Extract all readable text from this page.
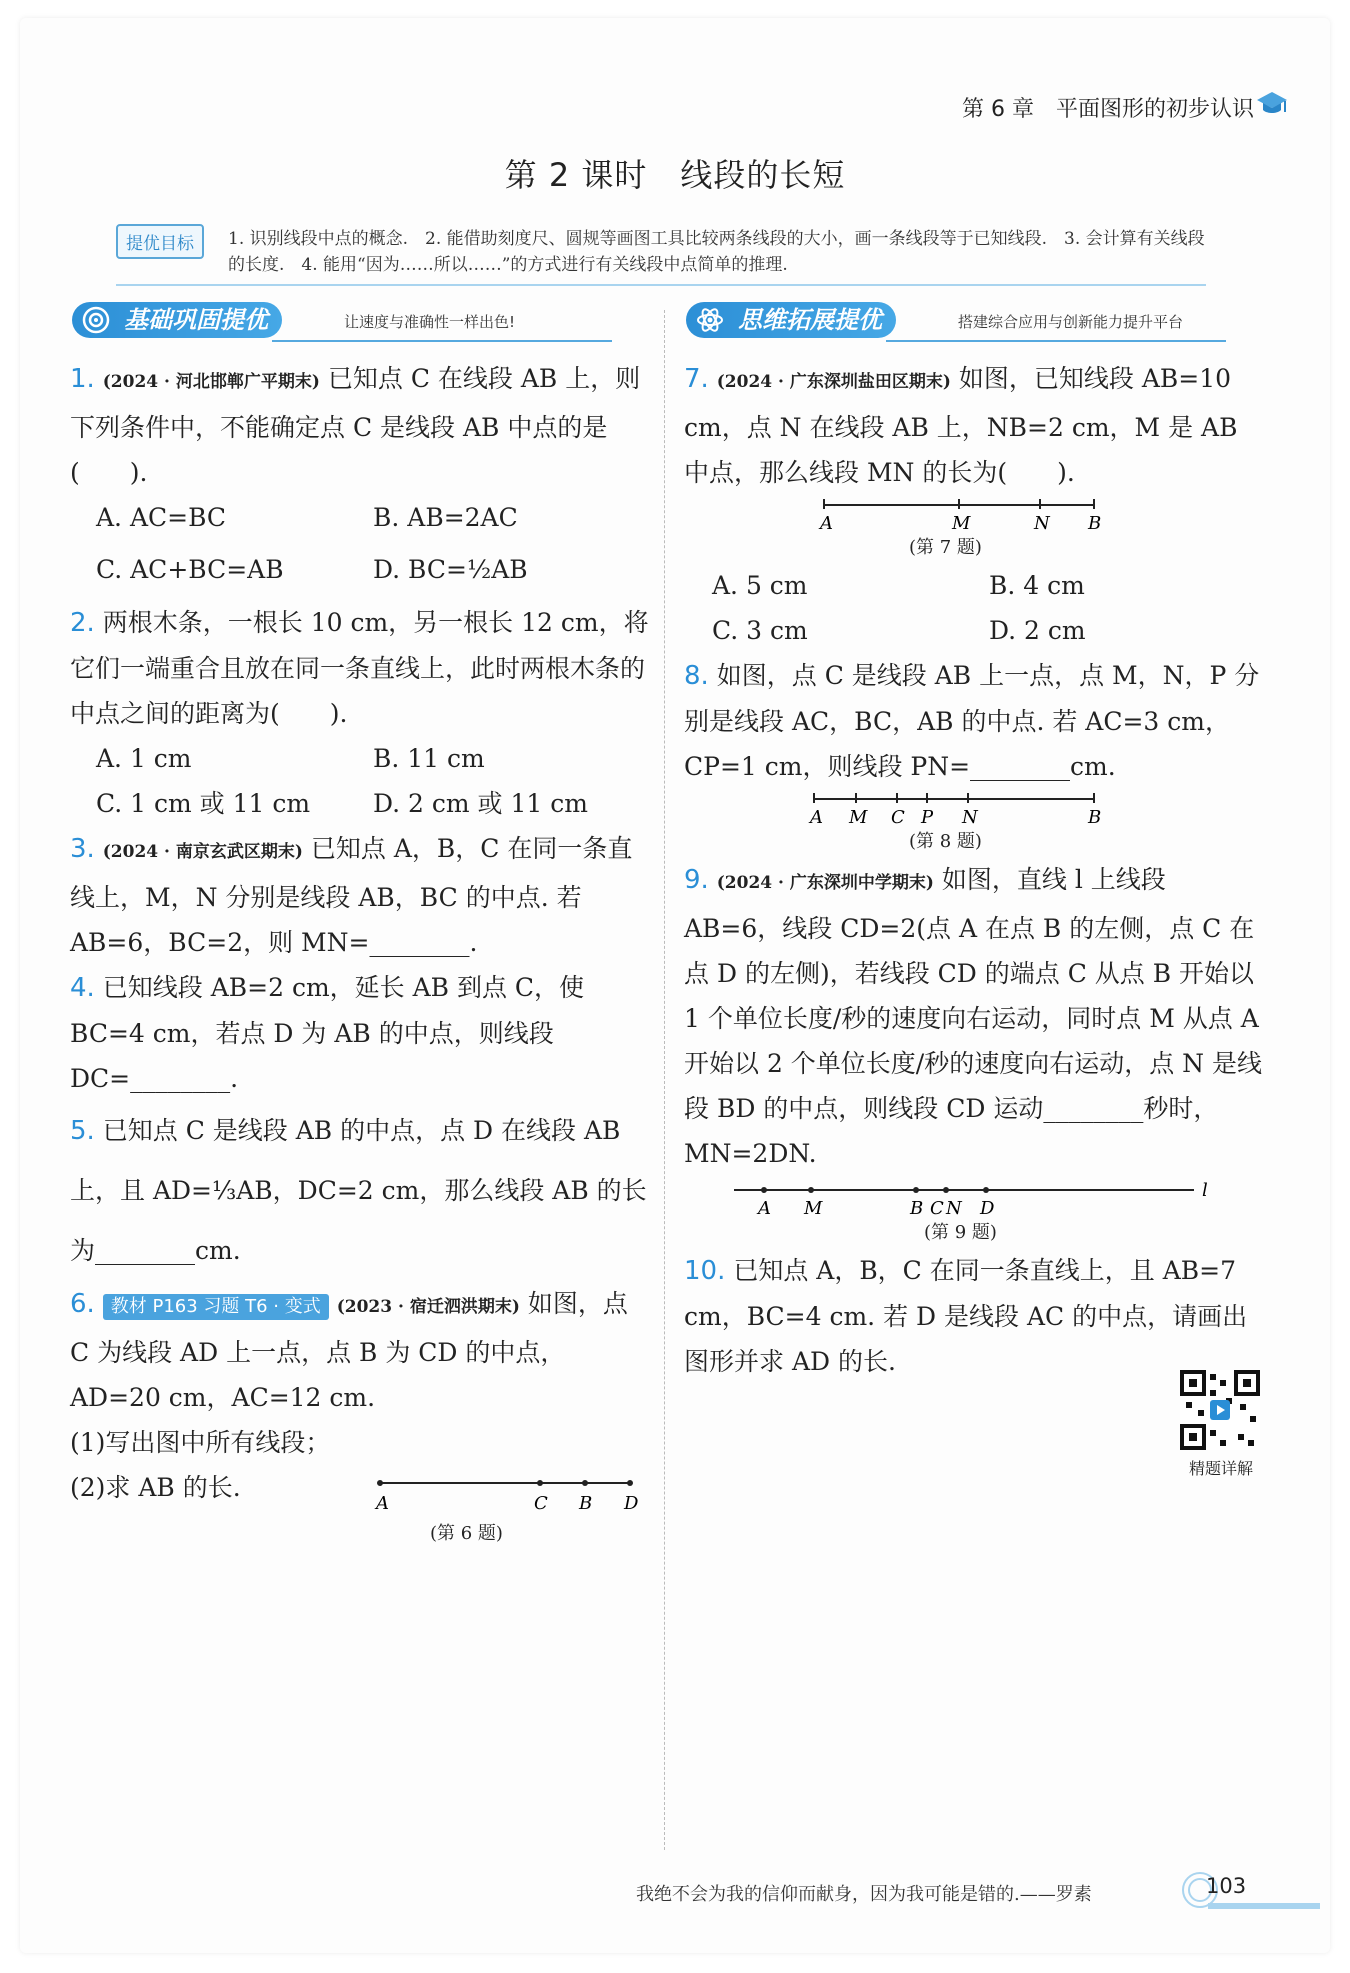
第 6 章　平面图形的初步认识
第 2 课时　线段的长短
提优目标	1. 识别线段中点的概念.　2. 能借助刻度尺、圆规等画图工具比较两条线段的大小，画一条线段等于已知线段.　3. 会计算有关线段的长度.　4. 能用“因为……所以……”的方式进行有关线段中点简单的推理.
基础巩固提优	让速度与准确性一样出色!	思维拓展提优	搭建综合应用与创新能力提升平台
1. (2024 · 河北邯郸广平期末) 已知点 C 在线段 AB 上，则下列条件中，不能确定点 C 是线段 AB 中点的是(　　).
A. AC=BC	B. AB=2AC
C. AC+BC=AB	D. BC=½AB
2. 两根木条，一根长 10 cm，另一根长 12 cm，将它们一端重合且放在同一条直线上，此时两根木条的中点之间的距离为(　　).
A. 1 cm	B. 11 cm
C. 1 cm 或 11 cm	D. 2 cm 或 11 cm
3. (2024 · 南京玄武区期末) 已知点 A，B，C 在同一条直线上，M，N 分别是线段 AB，BC 的中点. 若 AB=6，BC=2，则 MN=________.
4. 已知线段 AB=2 cm，延长 AB 到点 C，使 BC=4 cm，若点 D 为 AB 的中点，则线段 DC=________.
5. 已知点 C 是线段 AB 的中点，点 D 在线段 AB 上，且 AD=⅓AB，DC=2 cm，那么线段 AB 的长为________cm.
6. 教材 P163 习题 T6 · 变式 (2023 · 宿迁泗洪期末) 如图，点 C 为线段 AD 上一点，点 B 为 CD 的中点，AD=20 cm，AC=12 cm.
(1)写出图中所有线段；
(2)求 AB 的长.
A	C B D
(第 6 题)
7. (2024 · 广东深圳盐田区期末) 如图，已知线段 AB=10 cm，点 N 在线段 AB 上，NB=2 cm，M 是 AB 中点，那么线段 MN 的长为(　　).
A	M	N B
(第 7 题)
A. 5 cm	B. 4 cm
C. 3 cm	D. 2 cm
8. 如图，点 C 是线段 AB 上一点，点 M，N，P 分别是线段 AC，BC，AB 的中点. 若 AC=3 cm，CP=1 cm，则线段 PN=________cm.
A M C P N	B
(第 8 题)
9. (2024 · 广东深圳中学期末) 如图，直线 l 上线段 AB=6，线段 CD=2(点 A 在点 B 的左侧，点 C 在点 D 的左侧)，若线段 CD 的端点 C 从点 B 开始以 1 个单位长度/秒的速度向右运动，同时点 M 从点 A 开始以 2 个单位长度/秒的速度向右运动，点 N 是线段 BD 的中点，则线段 CD 运动________秒时，MN=2DN.
A M	B C N D
l
(第 9 题)
10. 已知点 A，B，C 在同一条直线上，且 AB=7 cm，BC=4 cm. 若 D 是线段 AC 的中点，请画出图形并求 AD 的长.
精题详解
我绝不会为我的信仰而献身，因为我可能是错的.——罗素	103
